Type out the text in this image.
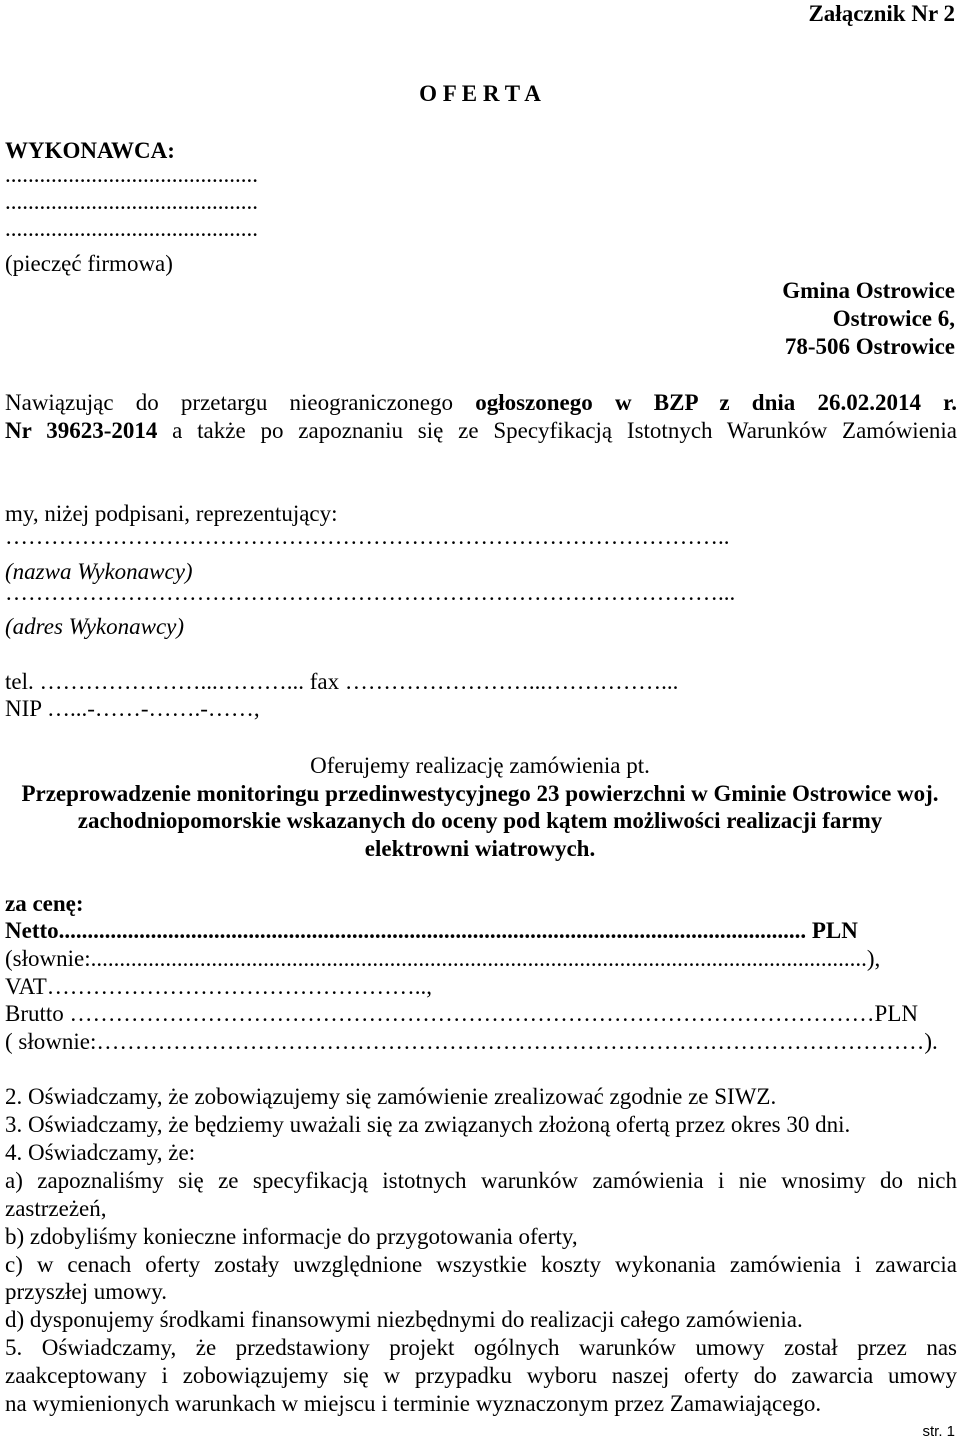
Załącznik Nr 2
O F E R T A
WYKONAWCA:
............................................
............................................
............................................
(pieczęć firmowa)
Gmina Ostrowice
Ostrowice 6,
78-506 Ostrowice
Nawiązując do przetargu nieograniczonego ogłoszonego w BZP z dnia 26.02.2014 r.
Nr 39623-2014 a także po zapoznaniu się ze Specyfikacją Istotnych Warunków Zamówienia
my, niżej podpisani, reprezentujący:
…………………………………………………………………………………..
(nazwa Wykonawcy)
…………………………………………………………………………………...
(adres Wykonawcy)
tel. …………………...………... fax ……………………...……………...
NIP …...-……-…….-……,
Oferujemy realizację zamówienia pt.
Przeprowadzenie monitoringu przedinwestycyjnego 23 powierzchni w Gminie Ostrowice woj.
zachodniopomorskie wskazanych do oceny pod kątem możliwości realizacji farmy
elektrowni wiatrowych.
za cenę:
Netto.................................................................................................................................. PLN
(słownie:.......................................................................................................................................),
VAT…………………………………………..,
Brutto ……………………………………………………………………………………………PLN
( słownie:………………………………………………………………………………………………).
2. Oświadczamy, że zobowiązujemy się zamówienie zrealizować zgodnie ze SIWZ.
3. Oświadczamy, że będziemy uważali się za związanych złożoną ofertą przez okres 30 dni.
4. Oświadczamy, że:
a) zapoznaliśmy się ze specyfikacją istotnych warunków zamówienia i nie wnosimy do nich
zastrzeżeń,
b) zdobyliśmy konieczne informacje do przygotowania oferty,
c) w cenach oferty zostały uwzględnione wszystkie koszty wykonania zamówienia i zawarcia
przyszłej umowy.
d) dysponujemy środkami finansowymi niezbędnymi do realizacji całego zamówienia.
5. Oświadczamy, że przedstawiony projekt ogólnych warunków umowy został przez nas
zaakceptowany i zobowiązujemy się w przypadku wyboru naszej oferty do zawarcia umowy
na wymienionych warunkach w miejscu i terminie wyznaczonym przez Zamawiającego.
str. 1
